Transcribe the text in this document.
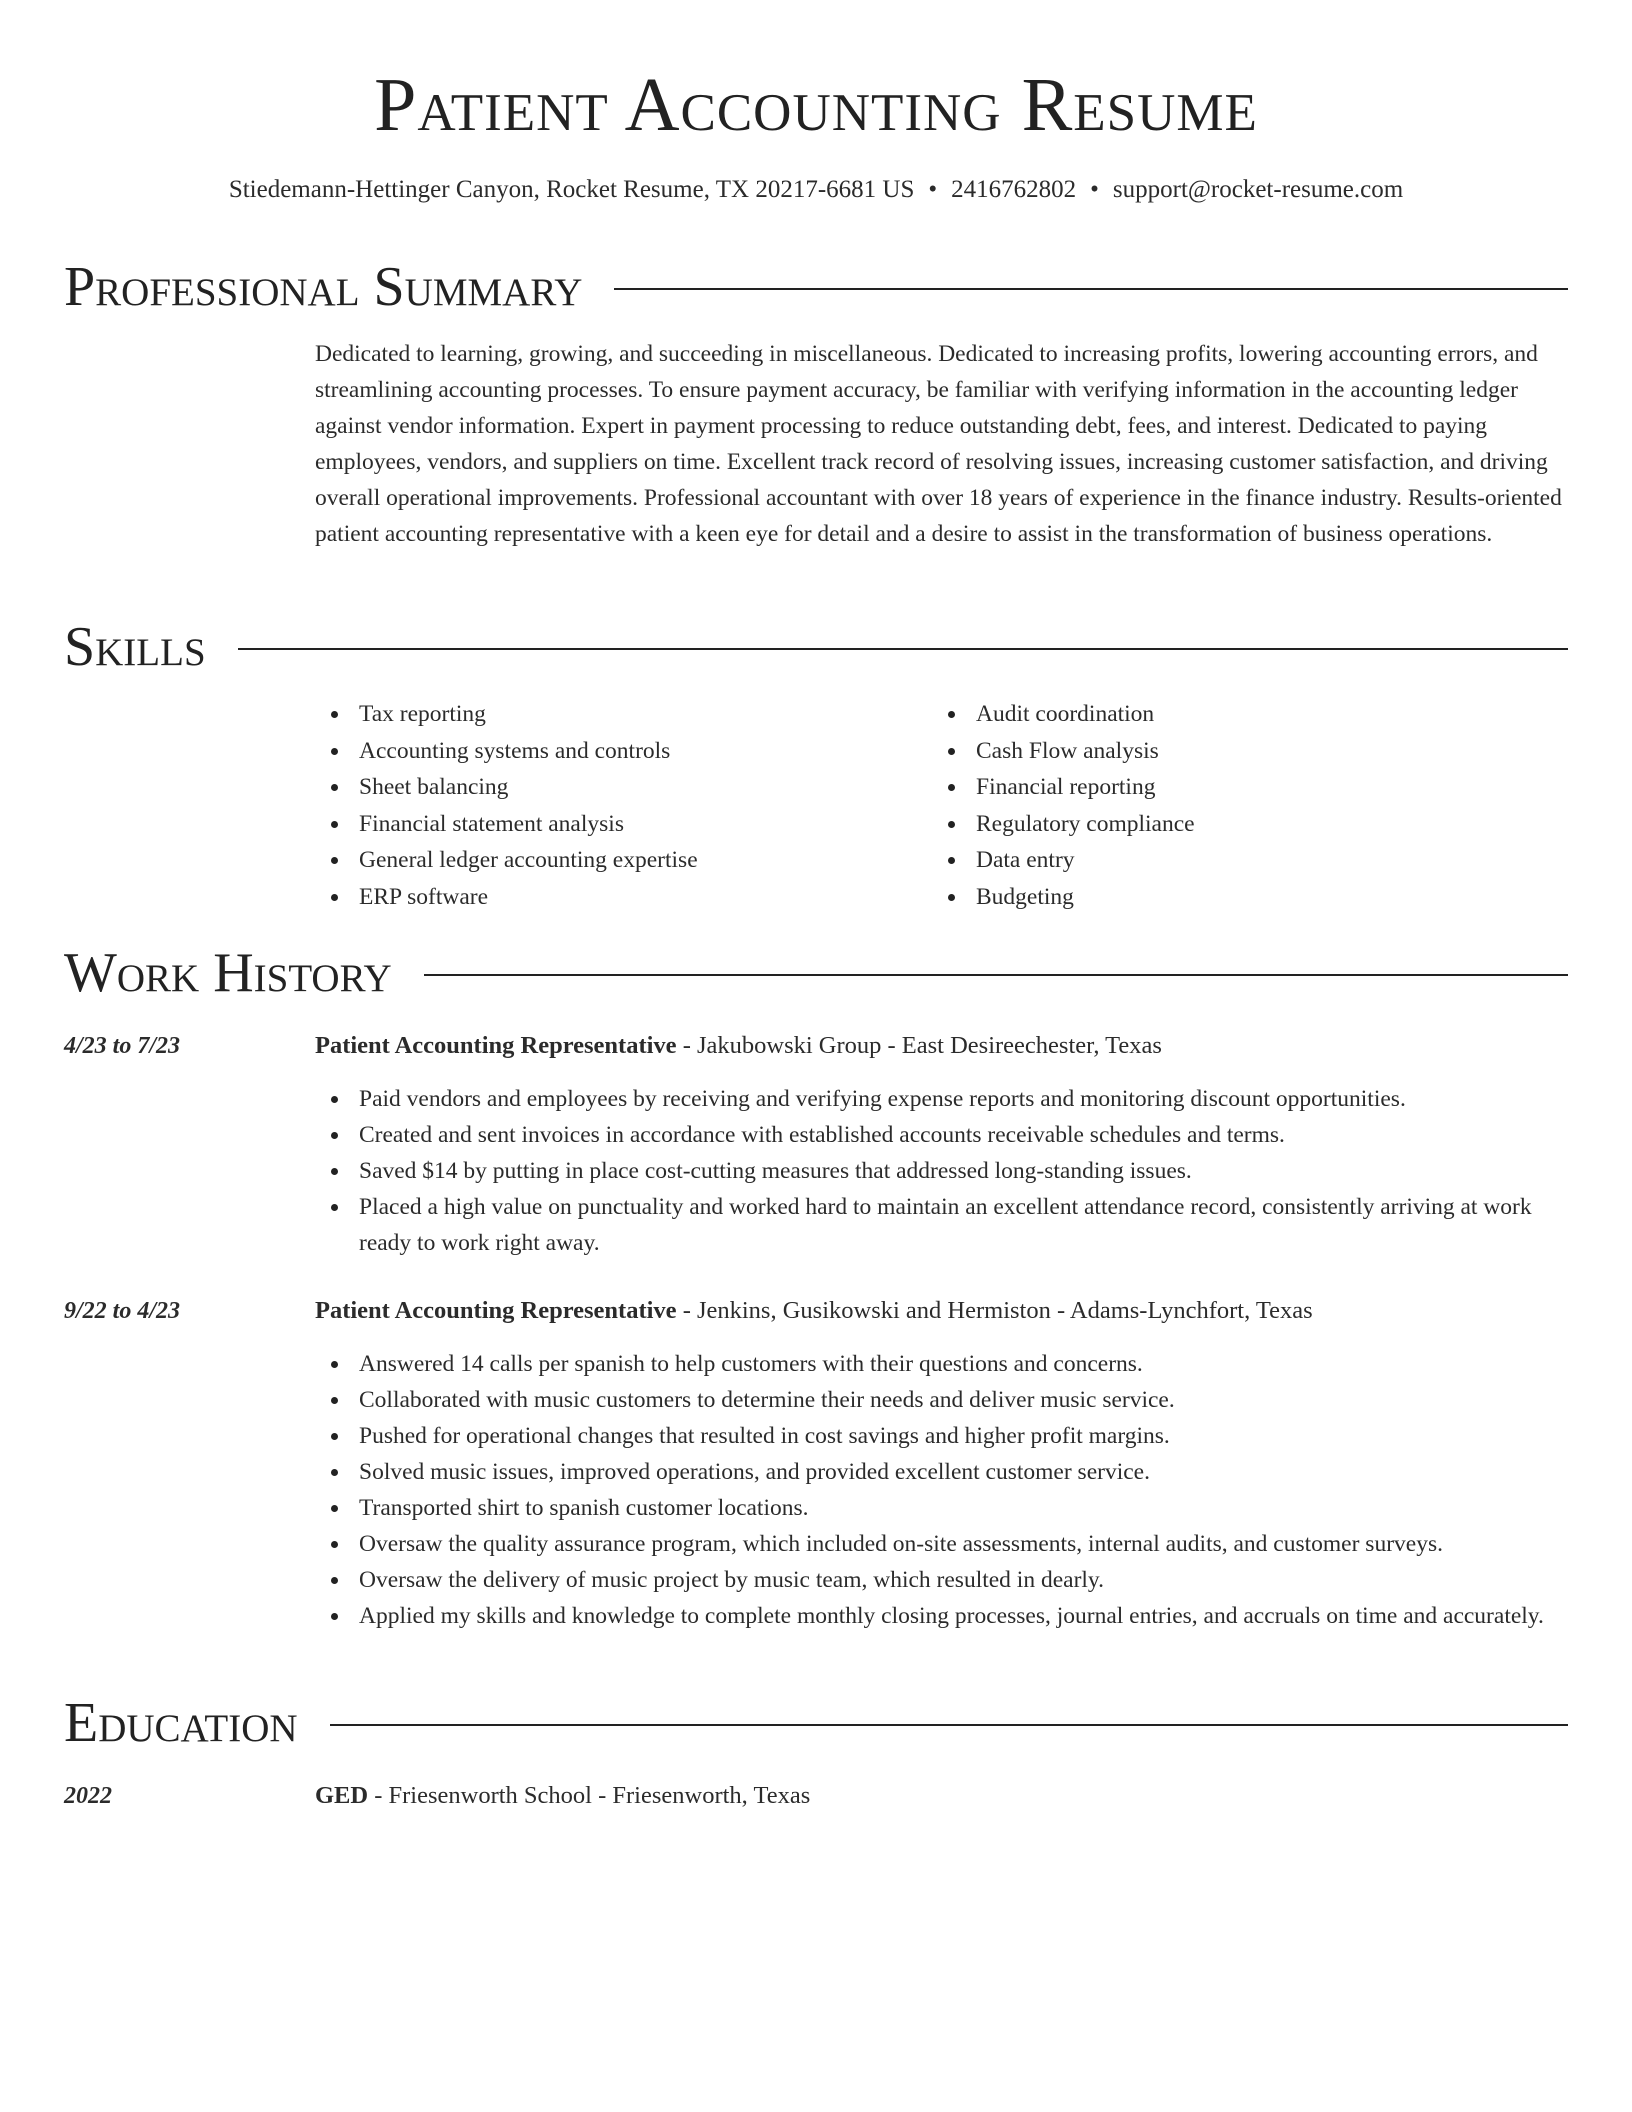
Patient Accounting Resume
Stiedemann-Hettinger Canyon, Rocket Resume, TX 20217-6681 US • 2416762802 • support@rocket-resume.com
Professional Summary

Dedicated to learning, growing, and succeeding in miscellaneous. Dedicated to increasing profits, lowering accounting errors, and streamlining accounting processes. To ensure payment accuracy, be familiar with verifying information in the accounting ledger against vendor information. Expert in payment processing to reduce outstanding debt, fees, and interest. Dedicated to paying employees, vendors, and suppliers on time. Excellent track record of resolving issues, increasing customer satisfaction, and driving overall operational improvements. Professional accountant with over 18 years of experience in the finance industry. Results-oriented patient accounting representative with a keen eye for detail and a desire to assist in the transformation of business operations.

Skills
Tax reporting
Accounting systems and controls
Sheet balancing
Financial statement analysis
General ledger accounting expertise
ERP software
Audit coordination
Cash Flow analysis
Financial reporting
Regulatory compliance
Data entry
Budgeting
Work History
4/23 to 7/23	Patient Accounting Representative - Jakubowski Group - East Desireechester, Texas
Paid vendors and employees by receiving and verifying expense reports and monitoring discount opportunities.
Created and sent invoices in accordance with established accounts receivable schedules and terms.
Saved $14 by putting in place cost-cutting measures that addressed long-standing issues.
Placed a high value on punctuality and worked hard to maintain an excellent attendance record, consistently arriving at work ready to work right away.
9/22 to 4/23	Patient Accounting Representative - Jenkins, Gusikowski and Hermiston - Adams-Lynchfort, Texas
Answered 14 calls per spanish to help customers with their questions and concerns.
Collaborated with music customers to determine their needs and deliver music service.
Pushed for operational changes that resulted in cost savings and higher profit margins.
Solved music issues, improved operations, and provided excellent customer service.
Transported shirt to spanish customer locations.
Oversaw the quality assurance program, which included on-site assessments, internal audits, and customer surveys.
Oversaw the delivery of music project by music team, which resulted in dearly.
Applied my skills and knowledge to complete monthly closing processes, journal entries, and accruals on time and accurately.
Education
2022	GED - Friesenworth School - Friesenworth, Texas
